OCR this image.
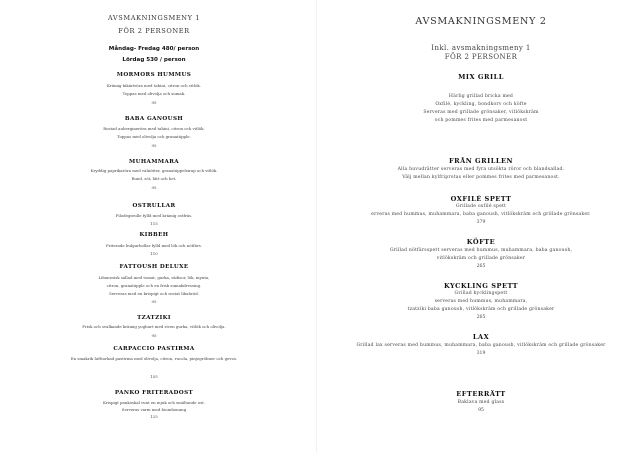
AVSMAKNINGSMENY 1
FÖR 2 PERSONER
Måndag- Fredag 480/ person
Lördag 530 / person
MORMORS HUMMUS
Krämig kikärtröra med tahini, citron och vitlök.
Toppas med olivolja och sumak.
95
BABA GANOUSH
Rostad aubergineröra med tahini, citron och vitlök.
Toppas med olivolja och granatäpple.
95
MUHAMMARA
Kryddig paprikaröra med valnötter, granatäppelsirap och vitlök.
Rund, söt, lätt och het.
95
OSTRULLAR
Filodegsrulle fylld med krämig ostfräs.
115
KIBBEH
Friterade bulgurbollar fylld med lök och nötfärs.
110
FATTOUSH DELUXE
Libanesisk sallad med tomat, gurka, rädisor, lök, mynta,
citron, granatäpple och en frisk sumakdressing.
Serveras med en krispigt och rostat libabröd.
95
TZATZIKI
Frisk och svalkande krämig yoghurt med riven gurka, vitlök och olivolja.
95
CARPACCIO PASTIRMA
En smakrik lufttorkad pastirma med olivolja, citron, rucola, pinjegröbner och gevos.
155
PANKO FRITERADOST
Krispigt pankoskal runt en mjuk och smältande ost.
Serveras varm med biomhonung
125
AVSMAKNINGSMENY 2
Inkl. avsmakningsmeny 1
FÖR 2 PERSONER
MIX GRILL
Härlig grillad bricka med
Oxfilé, kyckling, bondkorv och köfte
Serveras med grillade grönsaker, vitlökskräm
och pommes frites med parmesanost
FRÅN GRILLEN
Alla huvudrätter serveras med fyra utsökta röror och blandsallad.
Välj mellan kylfriprotas eller pommes frites med parmesanost.
OXFILÉ SPETT
Grillade oxfilé spett
erveras med hummus, muhammara, baba ganoush, vitlökskräm och grillade grönsaker.
379
KÖFTE
Grillad nötfärsspett serveras med hummus, muhammara, baba ganoush,
vitlökskräm och grillade grönsaker
265
KYCKLING SPETT
Grillad kycklingspett
serveras med hummus, muhammara,
tzatziki baba ganoush, vitlökskräm och grillade grönsaker
265
LAX
Grillad lax serveras med hummus, muhammara, baba ganoush, vitlökskräm och grillade grönsaker
319
EFTERRÄTT
Baklava med glass
95
